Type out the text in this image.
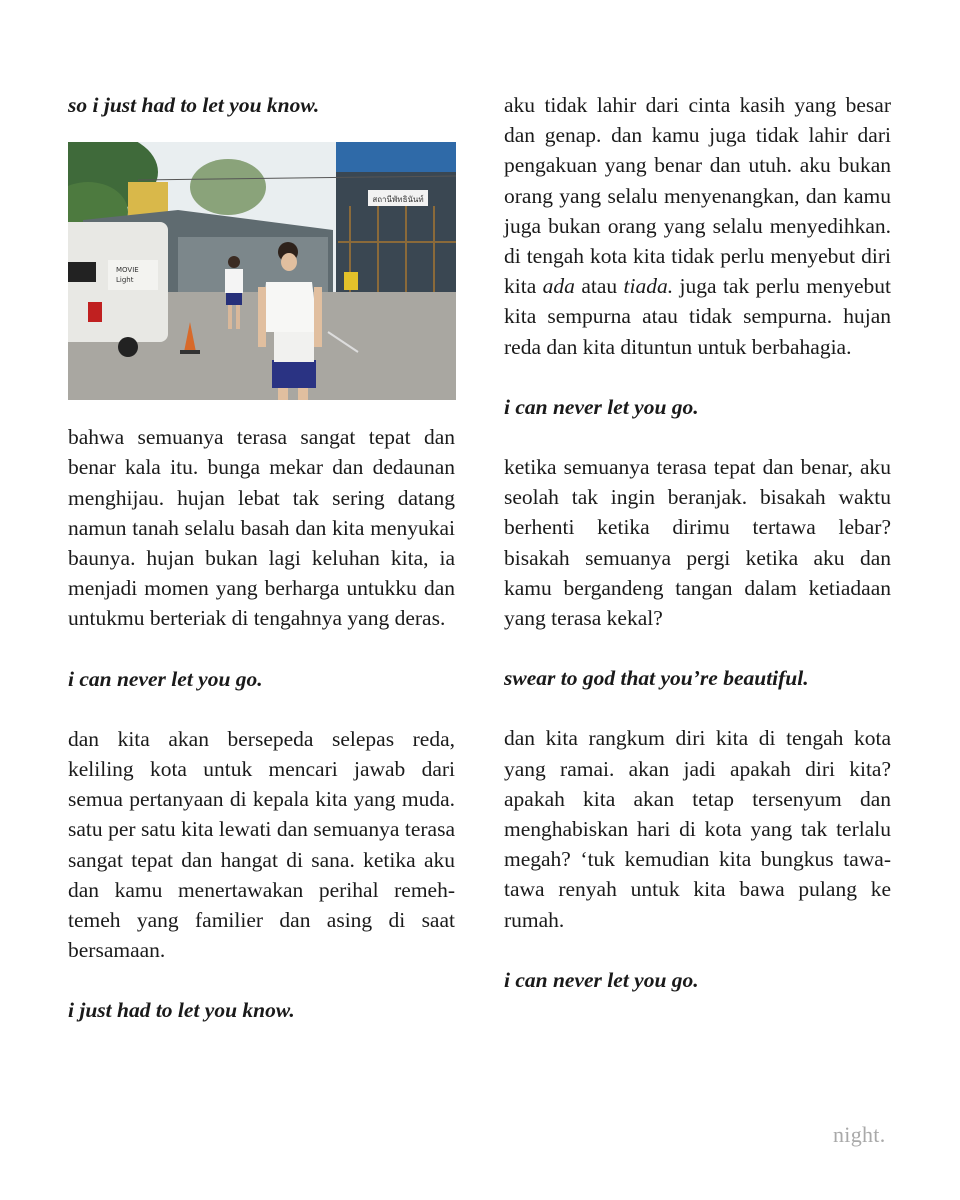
so i just had to let you know.

สถานีพัทธินันท์
MOVIE
Light

bahwa semuanya terasa sangat tepat dan benar kala itu. bunga mekar dan dedaunan menghijau. hujan lebat tak sering datang namun tanah selalu basah dan kita menyukai baunya. hujan bukan lagi keluhan kita, ia menjadi momen yang berharga untukku dan untukmu berteriak di tengahnya yang deras.

i can never let you go.

dan kita akan bersepeda selepas reda, keliling kota untuk mencari jawab dari semua pertanyaan di kepala kita yang muda. satu per satu kita lewati dan semuanya terasa sangat tepat dan hangat di sana. ketika aku dan kamu menertawakan perihal remeh-temeh yang familier dan asing di saat bersamaan.

i just had to let you know.

aku tidak lahir dari cinta kasih yang besar dan genap. dan kamu juga tidak lahir dari pengakuan yang benar dan utuh. aku bukan orang yang selalu menyenangkan, dan kamu juga bukan orang yang selalu menyedihkan. di tengah kota kita tidak perlu menyebut diri kita ada atau tiada. juga tak perlu menyebut kita sempurna atau tidak sempurna. hujan reda dan kita dituntun untuk berbahagia.

i can never let you go.

ketika semuanya terasa tepat dan benar, aku seolah tak ingin beranjak. bisakah waktu berhenti ketika dirimu tertawa lebar? bisakah semuanya pergi ketika aku dan kamu bergandeng tangan dalam ketiadaan yang terasa kekal?

swear to god that you’re beautiful.

dan kita rangkum diri kita di tengah kota yang ramai. akan jadi apakah diri kita? apakah kita akan tetap tersenyum dan menghabiskan hari di kota yang tak terlalu megah? ‘tuk kemudian kita bungkus tawa-tawa renyah untuk kita bawa pulang ke rumah.

i can never let you go.

night.
